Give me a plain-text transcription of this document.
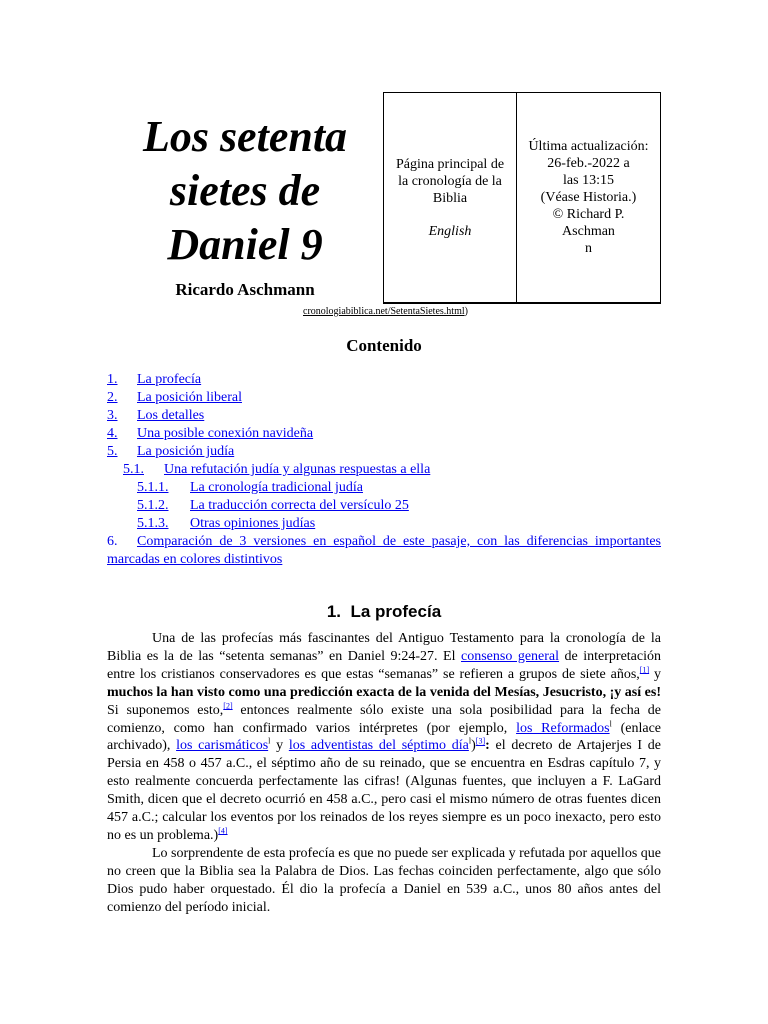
Los setenta
sietes de
Daniel 9
Ricardo Aschmann
Página principal de la cronología de la Biblia
English
Última actualización:
26-feb.-2022 a
las 13:15
(Véase Historia.)
© Richard P. Aschman
n
cronologiabiblica.net/SetentaSietes.html)
Contenido
1.	La profecía
2.	La posición liberal
3.	Los detalles
4.	Una posible conexión navideña
5.	La posición judía
5.1.	Una refutación judía y algunas respuestas a ella
5.1.1.	La cronología tradicional judía
5.1.2.	La traducción correcta del versículo 25
5.1.3.	Otras opiniones judías
6. Comparación de 3 versiones en español de este pasaje, con las diferencias importantes marcadas en colores distintivos
1.  La profecía

Una de las profecías más fascinantes del Antiguo Testamento para la cronología de la Biblia es la de las “setenta semanas” en Daniel 9:24-27. El consenso general de interpretación entre los cristianos conservadores es que estas “semanas” se refieren a grupos de siete años,[1] y muchos la han visto como una predicción exacta de la venida del Mesías, Jesucristo, ¡y así es! Si suponemos esto,[2] entonces realmente sólo existe una sola posibilidad para la fecha de comienzo, como han confirmado varios intérpretes (por ejemplo, los Reformados$^l$ (enlace archivado), los carismáticos$^l$ y los adventistas del séptimo día$^l$)[3]: el decreto de Artajerjes I de Persia en 458 o 457 a.C., el séptimo año de su reinado, que se encuentra en Esdras capítulo 7, y esto realmente concuerda perfectamente las cifras! (Algunas fuentes, que incluyen a F. LaGard Smith, dicen que el decreto ocurrió en 458 a.C., pero casi el mismo número de otras fuentes dicen 457 a.C.; calcular los eventos por los reinados de los reyes siempre es un poco inexacto, pero esto no es un problema.)[4]

Lo sorprendente de esta profecía es que no puede ser explicada y refutada por aquellos que no creen que la Biblia sea la Palabra de Dios. Las fechas coinciden perfectamente, algo que sólo Dios pudo haber orquestado. Él dio la profecía a Daniel en 539 a.C., unos 80 años antes del comienzo del período inicial.
